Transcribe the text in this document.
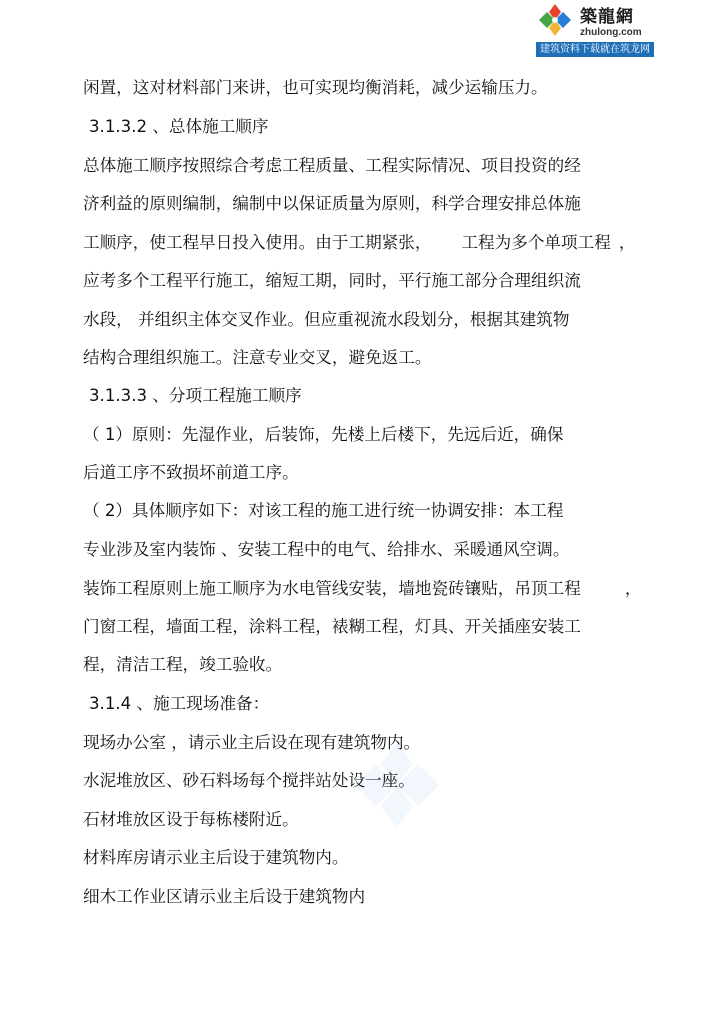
築龍網
zhulong.com
建筑资料下载就在筑龙网
闲置，这对材料部门来讲，也可实现均衡消耗，减少运输压力。
3.1.3.2 、总体施工顺序
总体施工顺序按照综合考虑工程质量、工程实际情况、项目投资的经
济利益的原则编制，编制中以保证质量为原则，科学合理安排总体施
工顺序，使工程早日投入使用。由于工期紧张， 工程为多个单项工程 ，
应考多个工程平行施工，缩短工期，同时，平行施工部分合理组织流
水段， 并组织主体交叉作业。但应重视流水段划分，根据其建筑物
结构合理组织施工。注意专业交叉，避免返工。
3.1.3.3 、分项工程施工顺序
（ 1）原则：先湿作业，后装饰，先楼上后楼下，先远后近，确保
后道工序不致损坏前道工序。
（ 2）具体顺序如下：对该工程的施工进行统一协调安排：本工程
专业涉及室内装饰 、安装工程中的电气、给排水、采暖通风空调。
装饰工程原则上施工顺序为水电管线安装，墙地瓷砖镶贴，吊顶工程	，
门窗工程，墙面工程，涂料工程，裱糊工程，灯具、开关插座安装工
程，清洁工程，竣工验收。
3.1.4 、施工现场准备：
现场办公室 ，请示业主后设在现有建筑物内。
水泥堆放区、砂石料场每个搅拌站处设一座。
石材堆放区设于每栋楼附近。
材料库房请示业主后设于建筑物内。
细木工作业区请示业主后设于建筑物内
